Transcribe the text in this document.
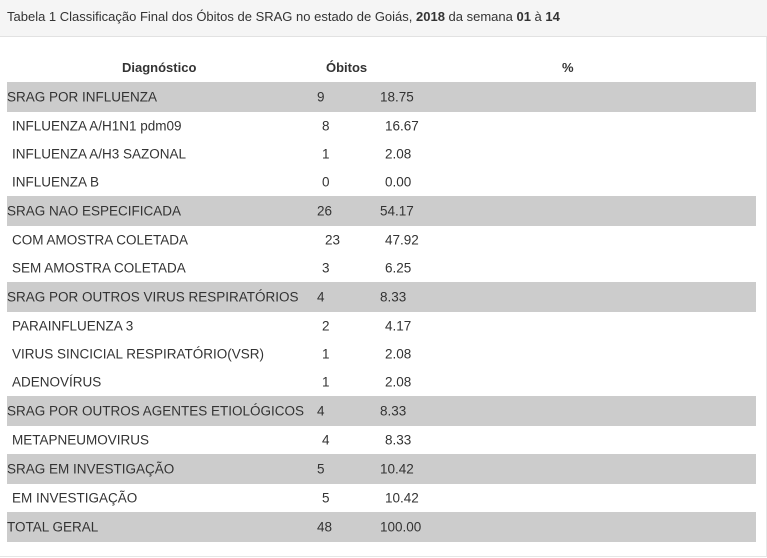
Tabela 1 Classificação Final dos Óbitos de SRAG no estado de Goiás, 2018 da semana 01 à 14
Diagnóstico	Óbitos	%
SRAG POR INFLUENZA	9	18.75
INFLUENZA A/H1N1 pdm09	8	16.67
INFLUENZA A/H3 SAZONAL	1	2.08
INFLUENZA B	0	0.00
SRAG NAO ESPECIFICADA	26	54.17
COM AMOSTRA COLETADA	23	47.92
SEM AMOSTRA COLETADA	3	6.25
SRAG POR OUTROS VIRUS RESPIRATÓRIOS 4	8.33
PARAINFLUENZA 3	2	4.17
VIRUS SINCICIAL RESPIRATÓRIO(VSR)	1	2.08
ADENOVÍRUS	1	2.08
SRAG POR OUTROS AGENTES ETIOLÓGICOS 4	8.33
METAPNEUMOVIRUS	4	8.33
SRAG EM INVESTIGAÇÃO	5	10.42
EM INVESTIGAÇÃO	5	10.42
TOTAL GERAL	48	100.00
